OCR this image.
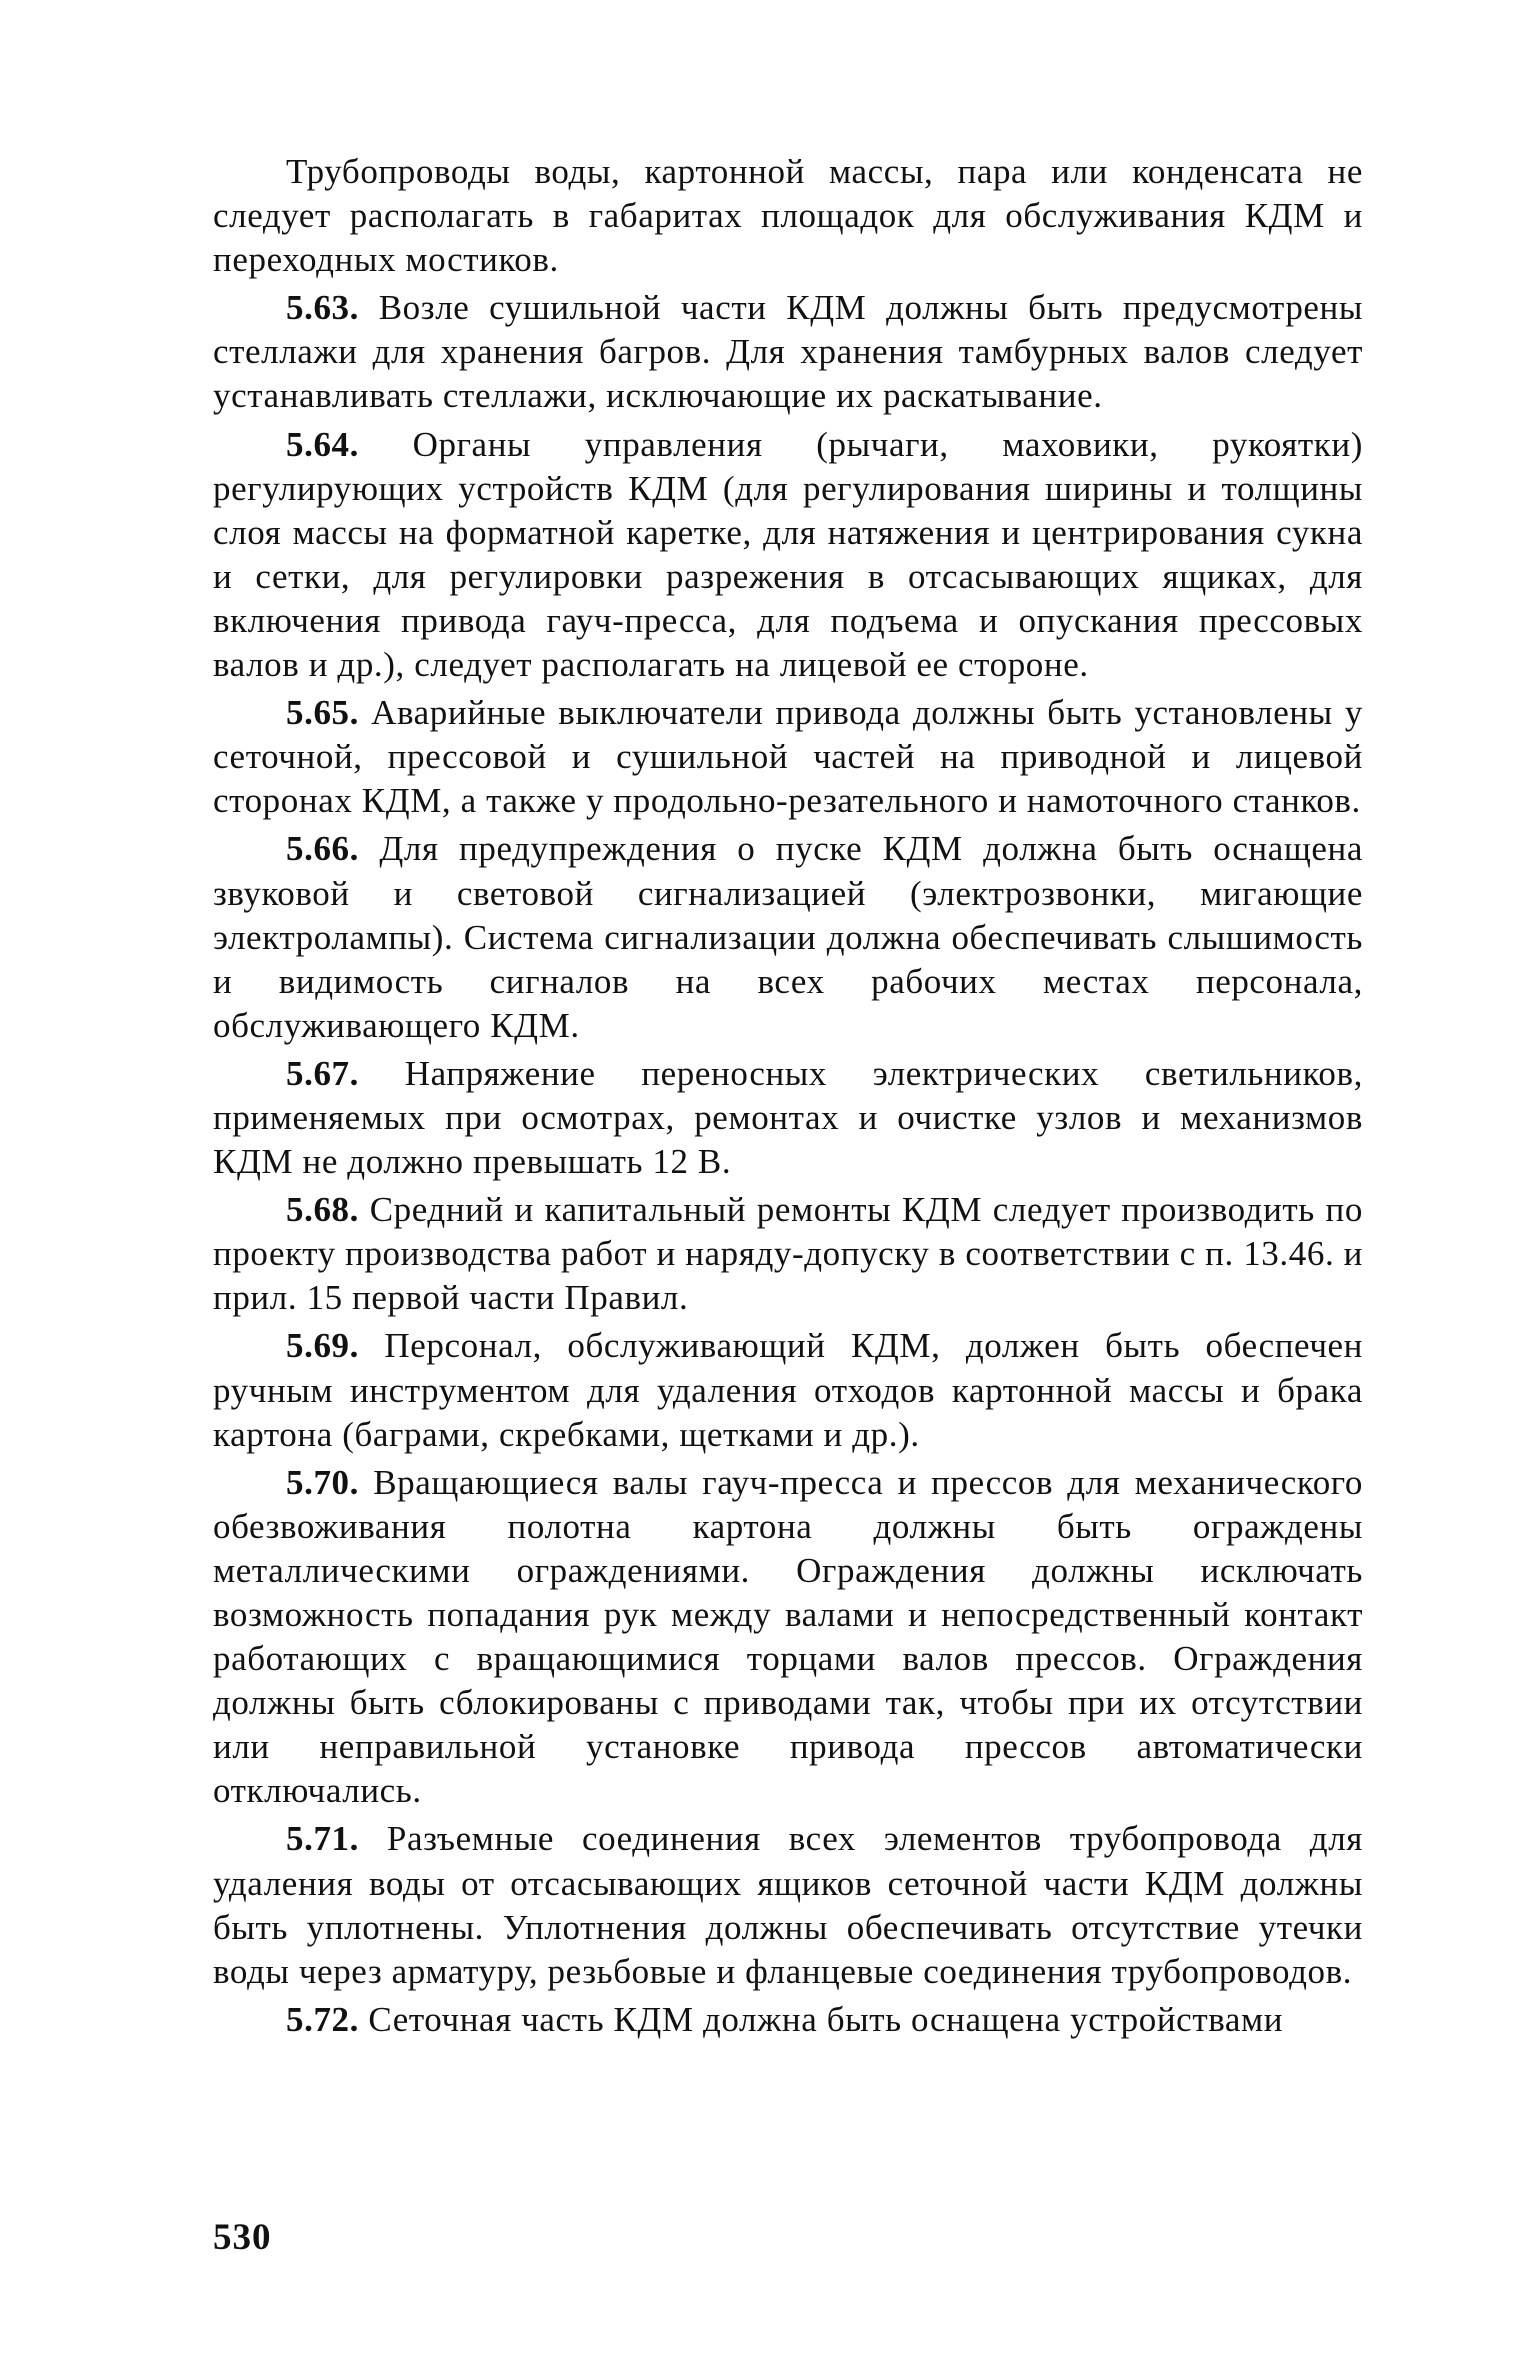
Трубопроводы воды, картонной массы, пара или конденсата не следует располагать в габаритах площадок для обслуживания КДМ и переходных мостиков.

5.63. Возле сушильной части КДМ должны быть предусмотрены стеллажи для хранения багров. Для хранения тамбурных валов следует устанавливать стеллажи, исключающие их раскатывание.

5.64. Органы управления (рычаги, маховики, рукоятки) регулирующих устройств КДМ (для регулирования ширины и толщины слоя массы на форматной каретке, для натяжения и центрирования сукна и сетки, для регулировки разрежения в отсасывающих ящиках, для включения привода гауч-пресса, для подъема и опускания прессовых валов и др.), следует располагать на лицевой ее стороне.

5.65. Аварийные выключатели привода должны быть установлены у сеточной, прессовой и сушильной частей на приводной и лицевой сторонах КДМ, а также у продольно-резательного и намоточного станков.

5.66. Для предупреждения о пуске КДМ должна быть оснащена звуковой и световой сигнализацией (электрозвонки, мигающие электролампы). Система сигнализации должна обеспечивать слышимость и видимость сигналов на всех рабочих местах персонала, обслуживающего КДМ.

5.67. Напряжение переносных электрических светильников, применяемых при осмотрах, ремонтах и очистке узлов и механизмов КДМ не должно превышать 12 В.

5.68. Средний и капитальный ремонты КДМ следует производить по проекту производства работ и наряду-допуску в соответствии с п. 13.46. и прил. 15 первой части Правил.

5.69. Персонал, обслуживающий КДМ, должен быть обеспечен ручным инструментом для удаления отходов картонной массы и брака картона (баграми, скребками, щетками и др.).

5.70. Вращающиеся валы гауч-пресса и прессов для механического обезвоживания полотна картона должны быть ограждены металлическими ограждениями. Ограждения должны исключать возможность попадания рук между валами и непосредственный контакт работающих с вращающимися торцами валов прессов. Ограждения должны быть сблокированы с приводами так, чтобы при их отсутствии или неправильной установке привода прессов автоматически отключались.

5.71. Разъемные соединения всех элементов трубопровода для удаления воды от отсасывающих ящиков сеточной части КДМ должны быть уплотнены. Уплотнения должны обеспечивать отсутствие утечки воды через арматуру, резьбовые и фланцевые соединения трубопроводов.

5.72. Сеточная часть КДМ должна быть оснащена устройствами

530
